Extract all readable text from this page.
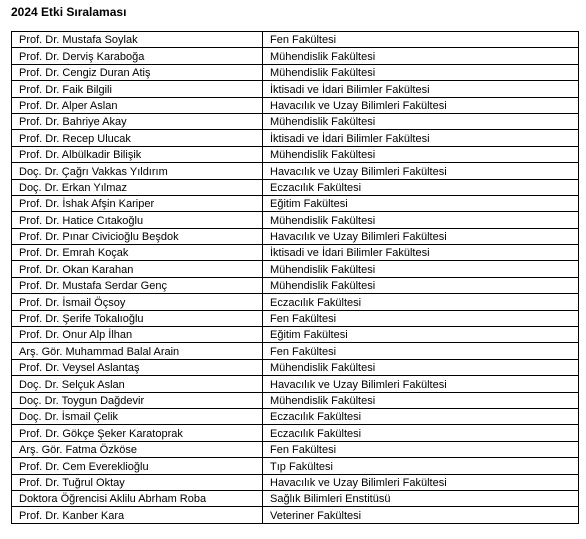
2024 Etki Sıralaması
Prof. Dr. Mustafa Soylak	Fen Fakültesi
Prof. Dr. Derviş Karaboğa	Mühendislik Fakültesi
Prof. Dr. Cengiz Duran Atiş	Mühendislik Fakültesi
Prof. Dr. Faik Bilgili	İktisadi ve İdari Bilimler Fakültesi
Prof. Dr. Alper Aslan	Havacılık ve Uzay Bilimleri Fakültesi
Prof. Dr. Bahriye Akay	Mühendislik Fakültesi
Prof. Dr. Recep Ulucak	İktisadi ve İdari Bilimler Fakültesi
Prof. Dr. Albülkadir Bilişik	Mühendislik Fakültesi
Doç. Dr. Çağrı Vakkas Yıldırım	Havacılık ve Uzay Bilimleri Fakültesi
Doç. Dr. Erkan Yılmaz	Eczacılık Fakültesi
Prof. Dr. İshak Afşin Kariper	Eğitim Fakültesi
Prof. Dr. Hatice Cıtakoğlu	Mühendislik Fakültesi
Prof. Dr. Pınar Civicioğlu Beşdok	Havacılık ve Uzay Bilimleri Fakültesi
Prof. Dr. Emrah Koçak	İktisadi ve İdari Bilimler Fakültesi
Prof. Dr. Okan Karahan	Mühendislik Fakültesi
Prof. Dr. Mustafa Serdar Genç	Mühendislik Fakültesi
Prof. Dr. İsmail Öçsoy	Eczacılık Fakültesi
Prof. Dr. Şerife Tokalıoğlu	Fen Fakültesi
Prof. Dr. Onur Alp İlhan	Eğitim Fakültesi
Arş. Gör. Muhammad Balal Arain	Fen Fakültesi
Prof. Dr. Veysel Aslantaş	Mühendislik Fakültesi
Doç. Dr. Selçuk Aslan	Havacılık ve Uzay Bilimleri Fakültesi
Doç. Dr. Toygun Dağdevir	Mühendislik Fakültesi
Doç. Dr. İsmail Çelik	Eczacılık Fakültesi
Prof. Dr. Gökçe Şeker Karatoprak	Eczacılık Fakültesi
Arş. Gör. Fatma Özköse	Fen Fakültesi
Prof. Dr. Cem Evereklioğlu	Tıp Fakültesi
Prof. Dr. Tuğrul Oktay	Havacılık ve Uzay Bilimleri Fakültesi
Doktora Öğrencisi Aklilu Abrham Roba	Sağlık Bilimleri Enstitüsü
Prof. Dr. Kanber Kara	Veteriner Fakültesi
